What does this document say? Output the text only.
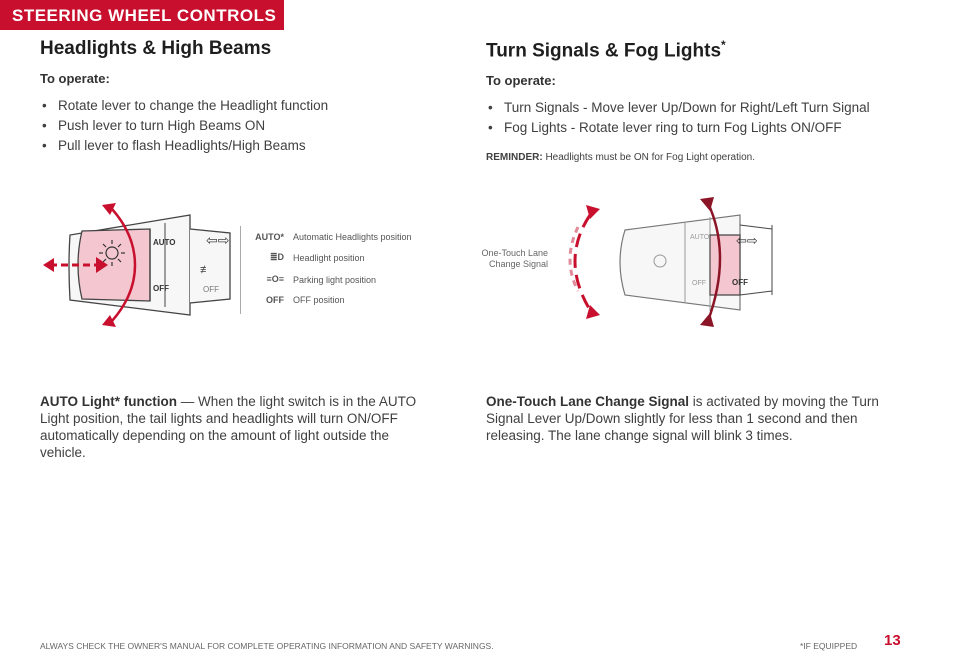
STEERING WHEEL CONTROLS
Headlights & High Beams
To operate:
• Rotate lever to change the Headlight function
• Push lever to turn High Beams ON
• Pull lever to flash Headlights/High Beams
AUTO
OFF	OFF
⇦⇨
≢
AUTO* Automatic Headlights position
≣D Headlight position
≡O≡ Parking light position
OFF OFF position
AUTO Light* function — When the light switch is in the AUTO Light position, the tail lights and headlights will turn ON/OFF automatically depending on the amount of light outside the vehicle.
Turn Signals & Fog Lights*
To operate:
• Turn Signals - Move lever Up/Down for Right/Left Turn Signal
• Fog Lights - Rotate lever ring to turn Fog Lights ON/OFF
REMINDER: Headlights must be ON for Fog Light operation.
One-Touch Lane Change Signal
AUTO
OFF	OFF
⇦⇨
One-Touch Lane Change Signal is activated by moving the Turn Signal Lever Up/Down slightly for less than 1 second and then releasing. The lane change signal will blink 3 times.
ALWAYS CHECK THE OWNER'S MANUAL FOR COMPLETE OPERATING INFORMATION AND SAFETY WARNINGS.	*IF EQUIPPED 13
